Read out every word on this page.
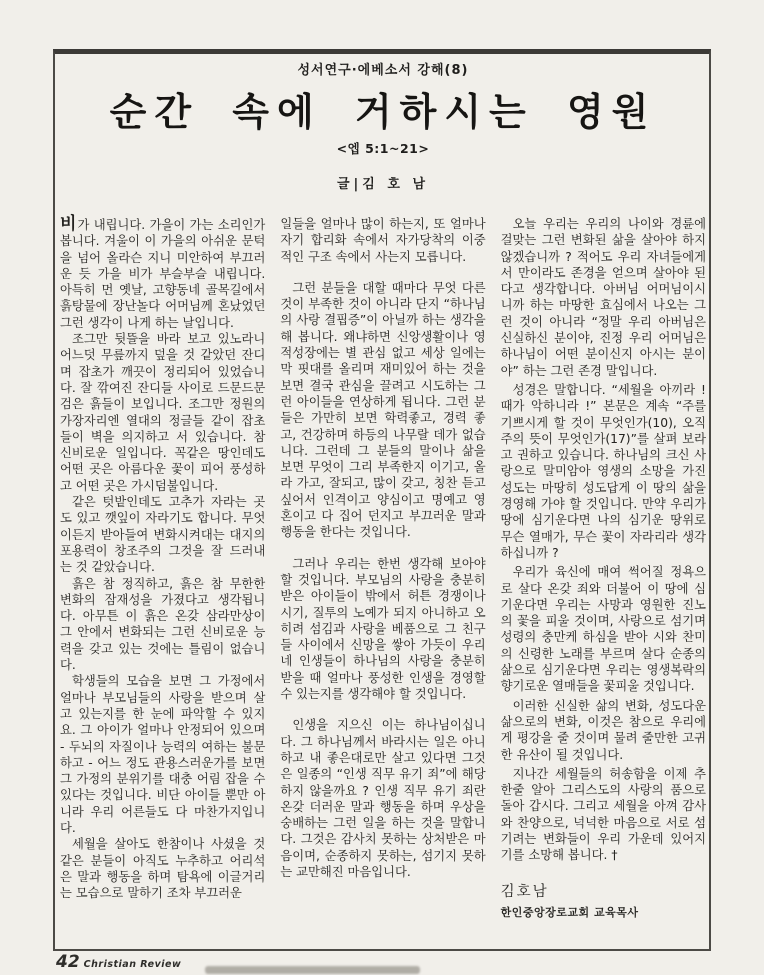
성서연구·에베소서 강해(8)
순간 속에 거하시는 영원
<엡 5:1~21>
글|김 호 남

비가 내립니다. 가을이 가는 소리인가 봅니다. 겨울이 이 가을의 아쉬운 문턱을 넘어 올라슨 지니 미안하여 부끄러운 듯 가을 비가 부슬부슬 내립니다. 아득히 먼 옛날, 고향동네 골목길에서 흙탕물에 장난놀다 어머님께 혼났었던 그런 생각이 나게 하는 날입니다.

조그만 뒷뜰을 바라 보고 있노라니 어느덧 무릎까지 덮을 것 같았던 잔디며 잡초가 깨끗이 정리되어 있었습니다. 잘 깎여진 잔디들 사이로 드문드문 검은 흙들이 보입니다. 조그만 정원의 가장자리엔 열대의 정글들 같이 잡초들이 벽을 의지하고 서 있습니다. 참 신비로운 일입니다. 꼭같은 땅인데도 어떤 곳은 아름다운 꽃이 피어 풍성하고 어떤 곳은 가시덤불입니다.

같은 텃밭인데도 고추가 자라는 곳도 있고 깻잎이 자라기도 합니다. 무엇이든지 받아들여 변화시켜대는 대지의 포용력이 창조주의 그것을 잘 드러내는 것 같았습니다.

흙은 참 정직하고, 흙은 참 무한한 변화의 잠재성을 가졌다고 생각됩니다. 아무튼 이 흙은 온갖 삼라만상이 그 안에서 변화되는 그런 신비로운 능력을 갖고 있는 것에는 틀림이 없습니다.

학생들의 모습을 보면 그 가정에서 얼마나 부모님들의 사랑을 받으며 살고 있는지를 한 눈에 파악할 수 있지요. 그 아이가 얼마나 안정되어 있으며 - 두뇌의 자질이나 능력의 여하는 불문하고 - 어느 정도 관용스러운가를 보면 그 가정의 분위기를 대충 어림 잡을 수 있다는 것입니다. 비단 아이들 뿐만 아니라 우리 어른들도 다 마찬가지입니다.

세월을 살아도 한참이나 사셨을 것 같은 분들이 아직도 누추하고 어리석은 말과 행동을 하며 탐욕에 이글거리는 모습으로 말하기 조차 부끄러운

일들을 얼마나 많이 하는지, 또 얼마나 자기 합리화 속에서 자가당착의 이중적인 구조 속에서 사는지 모릅니다.

그런 분들을 대할 때마다 무엇 다른 것이 부족한 것이 아니라 단지 “하나님의 사랑 결핍증”이 아닐까 하는 생각을 해 봅니다. 왜냐하면 신앙생활이나 영적성장에는 별 관심 없고 세상 일에는 막 핏대를 올리며 재미있어 하는 것을 보면 결국 관심을 끌려고 시도하는 그런 아이들을 연상하게 됩니다. 그런 분들은 가만히 보면 학력좋고, 경력 좋고, 건강하며 하등의 나무랄 데가 없습니다. 그런데 그 분들의 말이나 삶을 보면 무엇이 그리 부족한지 이기고, 올라 가고, 잘되고, 많이 갖고, 칭찬 듣고 싶어서 인격이고 양심이고 명예고 영혼이고 다 집어 던지고 부끄러운 말과 행동을 한다는 것입니다.

그러나 우리는 한번 생각해 보아야 할 것입니다. 부모님의 사랑을 충분히 받은 아이들이 밖에서 허튼 경쟁이나 시기, 질투의 노예가 되지 아니하고 오히려 섬김과 사랑을 베품으로 그 친구들 사이에서 신망을 쌓아 가듯이 우리네 인생들이 하나님의 사랑을 충분히 받을 때 얼마나 풍성한 인생을 경영할 수 있는지를 생각해야 할 것입니다.

인생을 지으신 이는 하나님이십니다. 그 하나님께서 바라시는 일은 아니하고 내 좋은대로만 살고 있다면 그것은 일종의 “인생 직무 유기 죄”에 해당하지 않을까요 ? 인생 직무 유기 죄란 온갖 더러운 말과 행동을 하며 우상을 숭배하는 그런 일을 하는 것을 말합니다. 그것은 감사치 못하는 상처받은 마음이며, 순종하지 못하는, 섬기지 못하는 교만해진 마음입니다.

오늘 우리는 우리의 나이와 경륜에 걸맞는 그런 변화된 삶을 살아야 하지 않겠습니까 ? 적어도 우리 자녀들에게서 만이라도 존경을 얻으며 살아야 된다고 생각합니다. 아버님 어머님이시니까 하는 마땅한 효심에서 나오는 그런 것이 아니라 “정말 우리 아버님은 신실하신 분이야, 진정 우리 어머님은 하나님이 어떤 분이신지 아시는 분이야” 하는 그런 존경 말입니다.

성경은 말합니다. “세월을 아끼라 ! 때가 악하니라 !” 본문은 계속 “주를 기쁘시게 할 것이 무엇인가(10), 오직 주의 뜻이 무엇인가(17)”를 살펴 보라고 권하고 있습니다. 하나님의 크신 사랑으로 말미암아 영생의 소망을 가진 성도는 마땅히 성도답게 이 땅의 삶을 경영해 가야 할 것입니다. 만약 우리가 땅에 심기운다면 나의 심기운 땅위로 무슨 열매가, 무슨 꽃이 자라리라 생각하십니까 ?

우리가 육신에 매여 썩어질 정욕으로 살다 온갖 죄와 더불어 이 땅에 심기운다면 우리는 사망과 영원한 진노의 꽃을 피울 것이며, 사랑으로 섬기며 성령의 충만케 하심을 받아 시와 찬미의 신령한 노래를 부르며 살다 순종의 삶으로 심기운다면 우리는 영생복락의 향기로운 열매들을 꽃피울 것입니다.

이러한 신실한 삶의 변화, 성도다운 삶으로의 변화, 이것은 참으로 우리에게 평강을 줄 것이며 물려 줄만한 고귀한 유산이 될 것입니다.

지나간 세월들의 허송함을 이제 추한줄 알아 그리스도의 사랑의 품으로 돌아 갑시다. 그리고 세월을 아껴 감사와 찬양으로, 넉넉한 마음으로 서로 섬기려는 변화들이 우리 가운데 있어지기를 소망해 봅니다. †

김호남
한인중앙장로교회 교육목사
42 Christian Review
